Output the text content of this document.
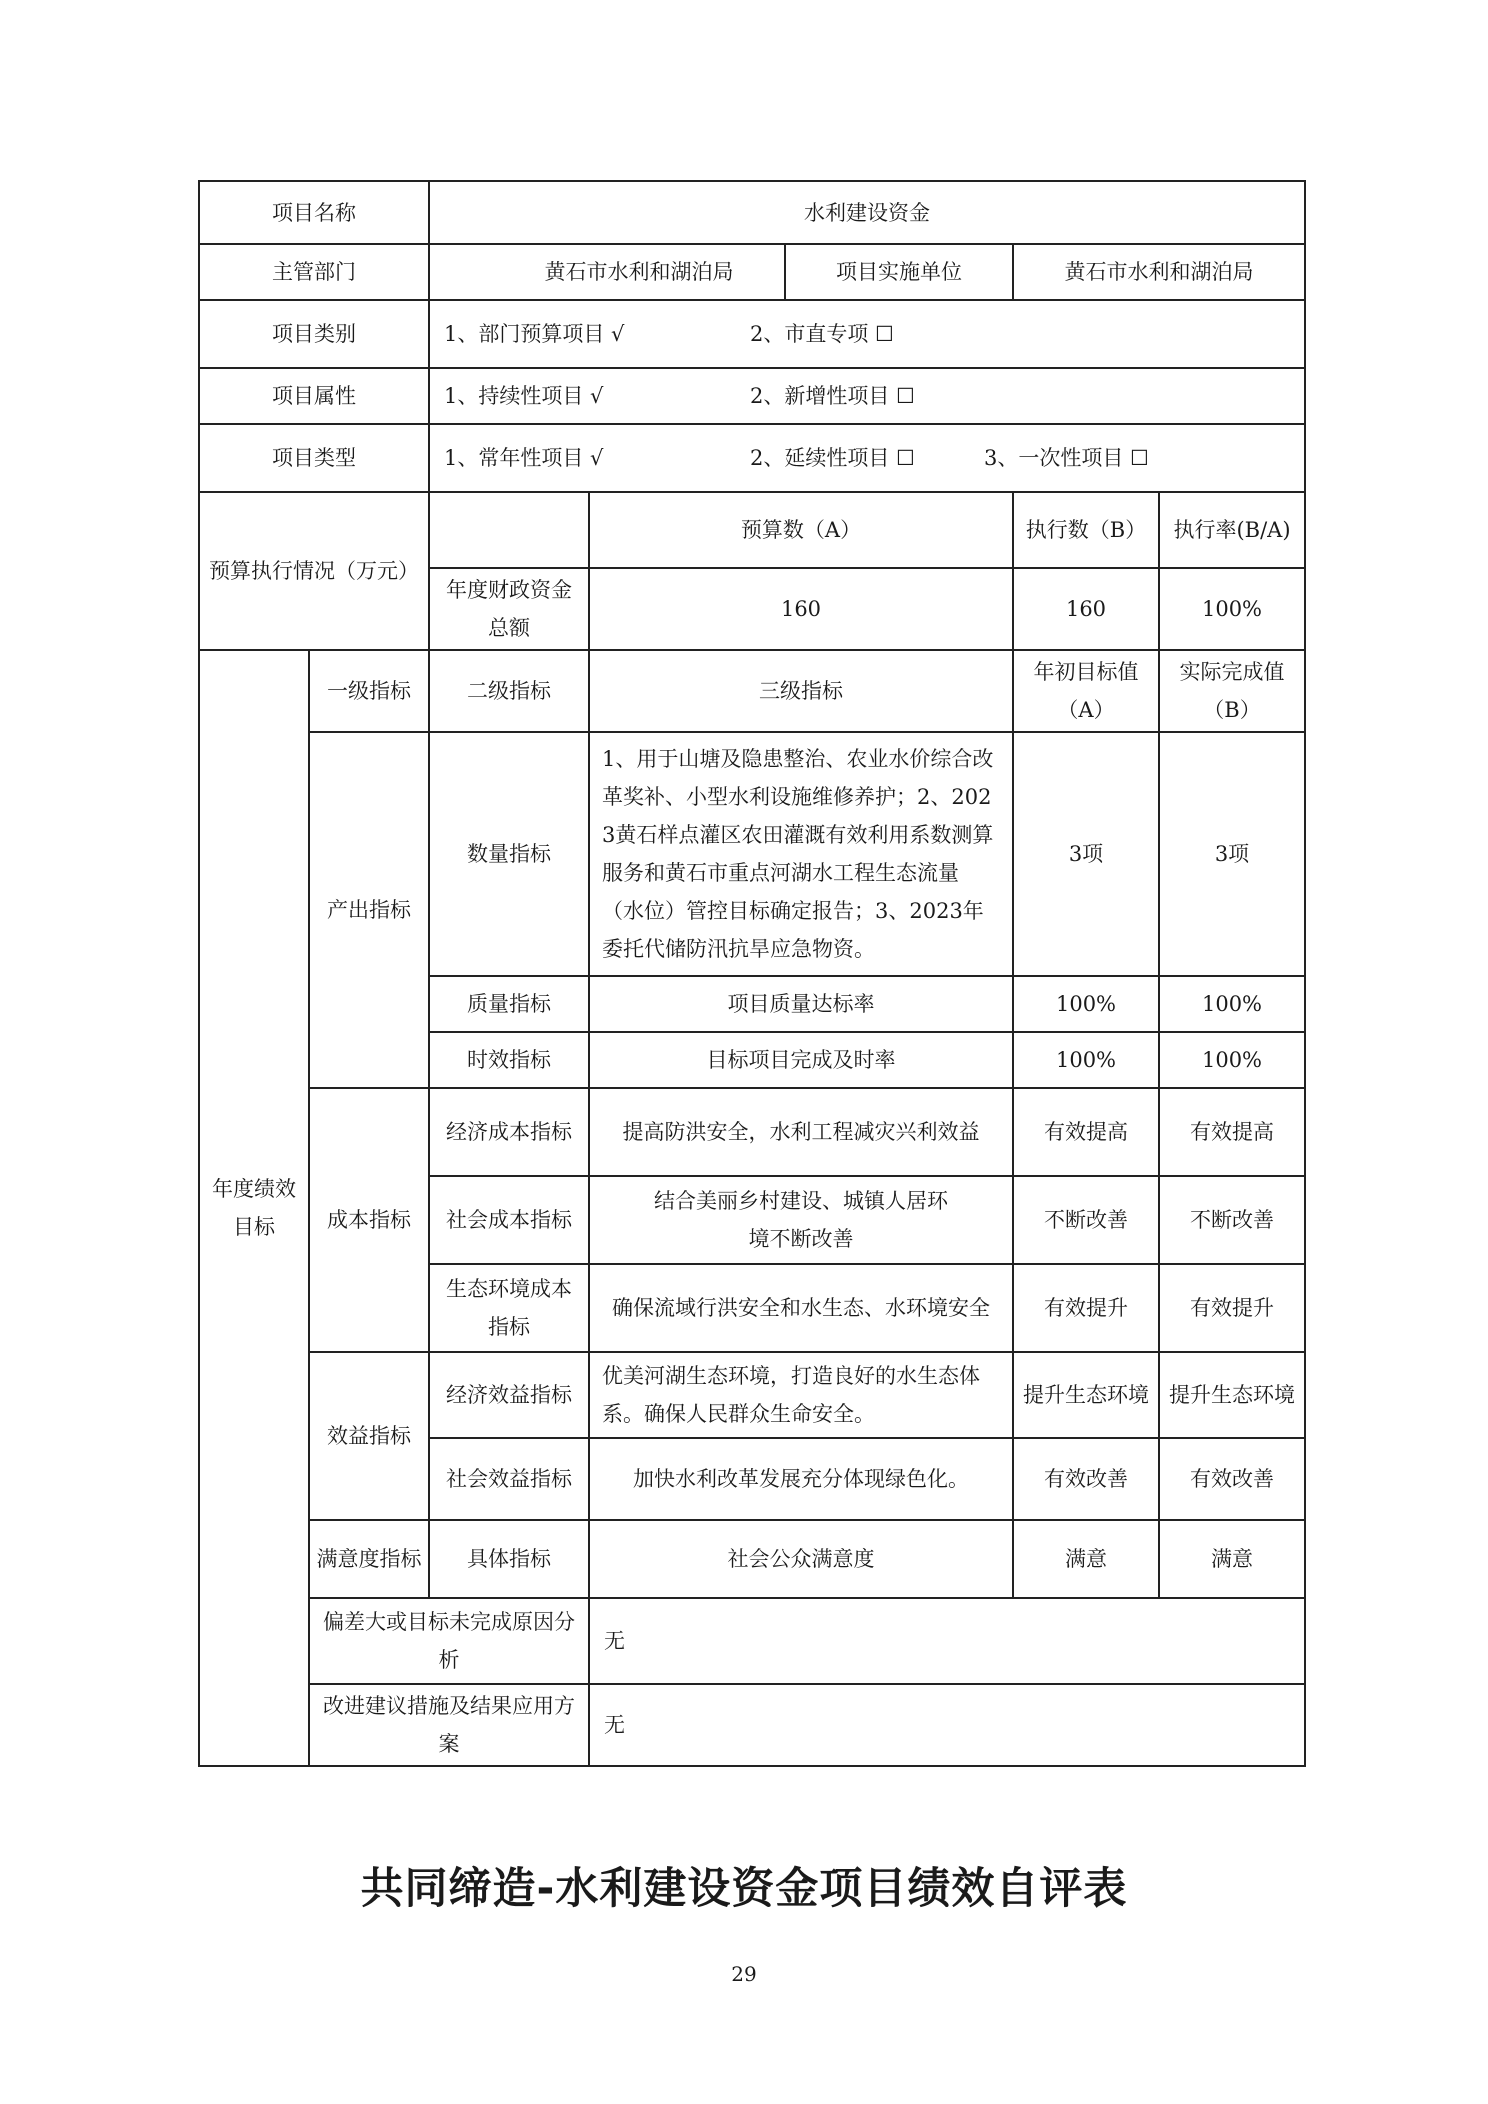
项目名称		水利建设资金			
主管部门		黄石市水利和湖泊局 项目实施单位		黄石市水利和湖泊局	
项目类别		1、部门预算项目 √ 2、市直专项 ☐			
项目属性		1、持续性项目 √ 2、新增性项目 ☐			
项目类型		1、常年性项目 √ 2、延续性项目 ☐ 3、一次性项目 ☐			
预算执行情况（万元）			预算数（A）	执行数（B）	执行率(B/A)
		年度财政资金总额	160	160	100%
年度绩效目标	一级指标	二级指标	三级指标	年初目标值（A）	实际完成值（B）
	产出指标	数量指标	1、用于山塘及隐患整治、农业水价综合改革奖补、小型水利设施维修养护；2、2023黄石样点灌区农田灌溉有效利用系数测算服务和黄石市重点河湖水工程生态流量（水位）管控目标确定报告；3、2023年委托代储防汛抗旱应急物资。	3项	3项
		质量指标	项目质量达标率	100%	100%
		时效指标	目标项目完成及时率	100%	100%
	成本指标	经济成本指标	提高防洪安全，水利工程减灾兴利效益	有效提高	有效提高
		社会成本指标	结合美丽乡村建设、城镇人居环境不断改善	不断改善	不断改善
		生态环境成本指标	确保流域行洪安全和水生态、水环境安全	有效提升	有效提升
	效益指标	经济效益指标	优美河湖生态环境，打造良好的水生态体系。确保人民群众生命安全。	提升生态环境	提升生态环境
		社会效益指标	加快水利改革发展充分体现绿色化。	有效改善	有效改善
	满意度指标	具体指标	社会公众满意度	满意	满意
	偏差大或目标未完成原因分析		无		
	改进建议措施及结果应用方案		无		
共同缔造-水利建设资金项目绩效自评表
29
